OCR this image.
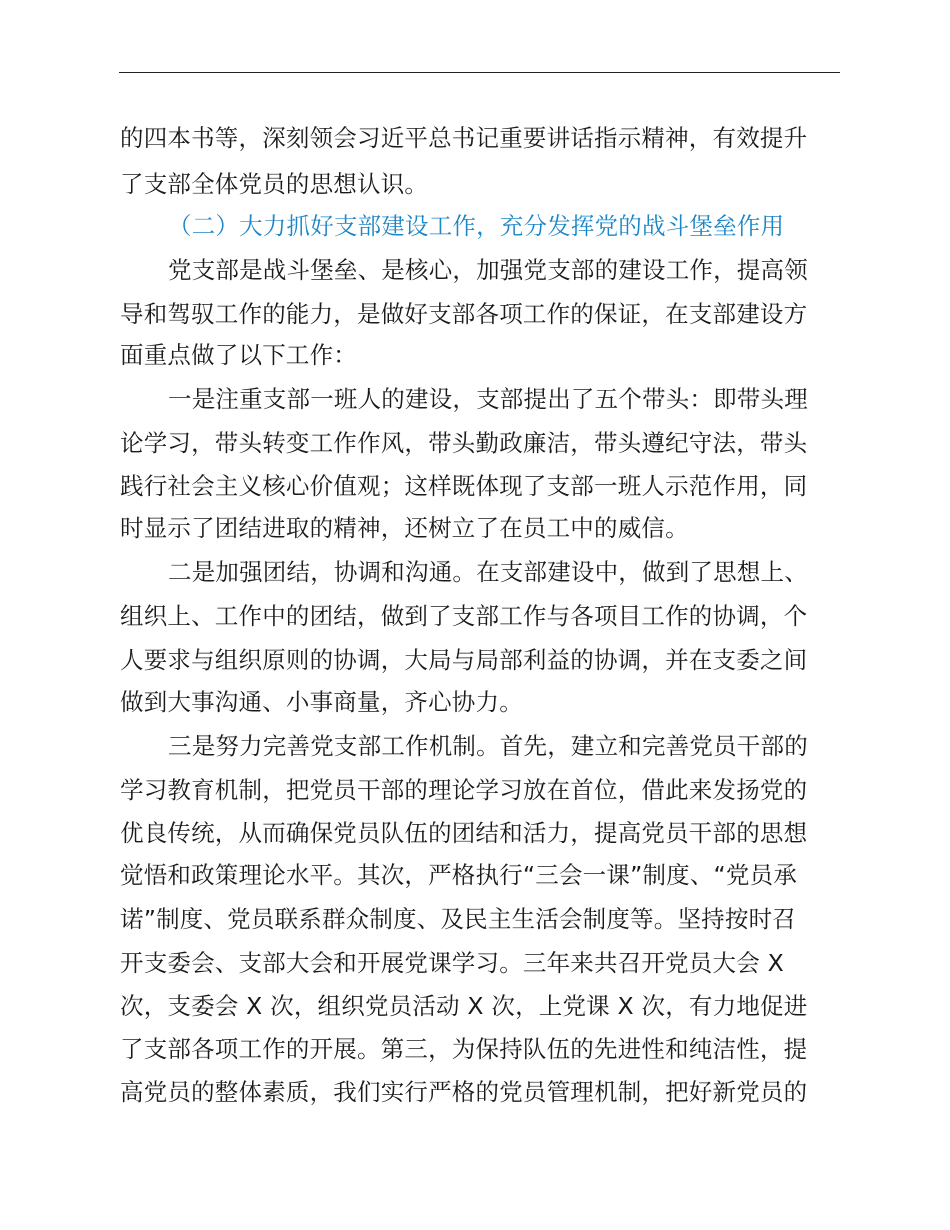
的四本书等，深刻领会习近平总书记重要讲话指示精神，有效提升
了支部全体党员的思想认识。
（二）大力抓好支部建设工作，充分发挥党的战斗堡垒作用
党支部是战斗堡垒、是核心，加强党支部的建设工作，提高领
导和驾驭工作的能力，是做好支部各项工作的保证，在支部建设方
面重点做了以下工作：
一是注重支部一班人的建设，支部提出了五个带头：即带头理
论学习，带头转变工作作风，带头勤政廉洁，带头遵纪守法，带头
践行社会主义核心价值观；这样既体现了支部一班人示范作用，同
时显示了团结进取的精神，还树立了在员工中的威信。
二是加强团结，协调和沟通。在支部建设中，做到了思想上、
组织上、工作中的团结，做到了支部工作与各项目工作的协调，个
人要求与组织原则的协调，大局与局部利益的协调，并在支委之间
做到大事沟通、小事商量，齐心协力。
三是努力完善党支部工作机制。首先，建立和完善党员干部的
学习教育机制，把党员干部的理论学习放在首位，借此来发扬党的
优良传统，从而确保党员队伍的团结和活力，提高党员干部的思想
觉悟和政策理论水平。其次，严格执行“三会一课”制度、“党员承
诺”制度、党员联系群众制度、及民主生活会制度等。坚持按时召
开支委会、支部大会和开展党课学习。三年来共召开党员大会 X
次，支委会 X 次，组织党员活动 X 次，上党课 X 次，有力地促进
了支部各项工作的开展。第三，为保持队伍的先进性和纯洁性，提
高党员的整体素质，我们实行严格的党员管理机制，把好新党员的
